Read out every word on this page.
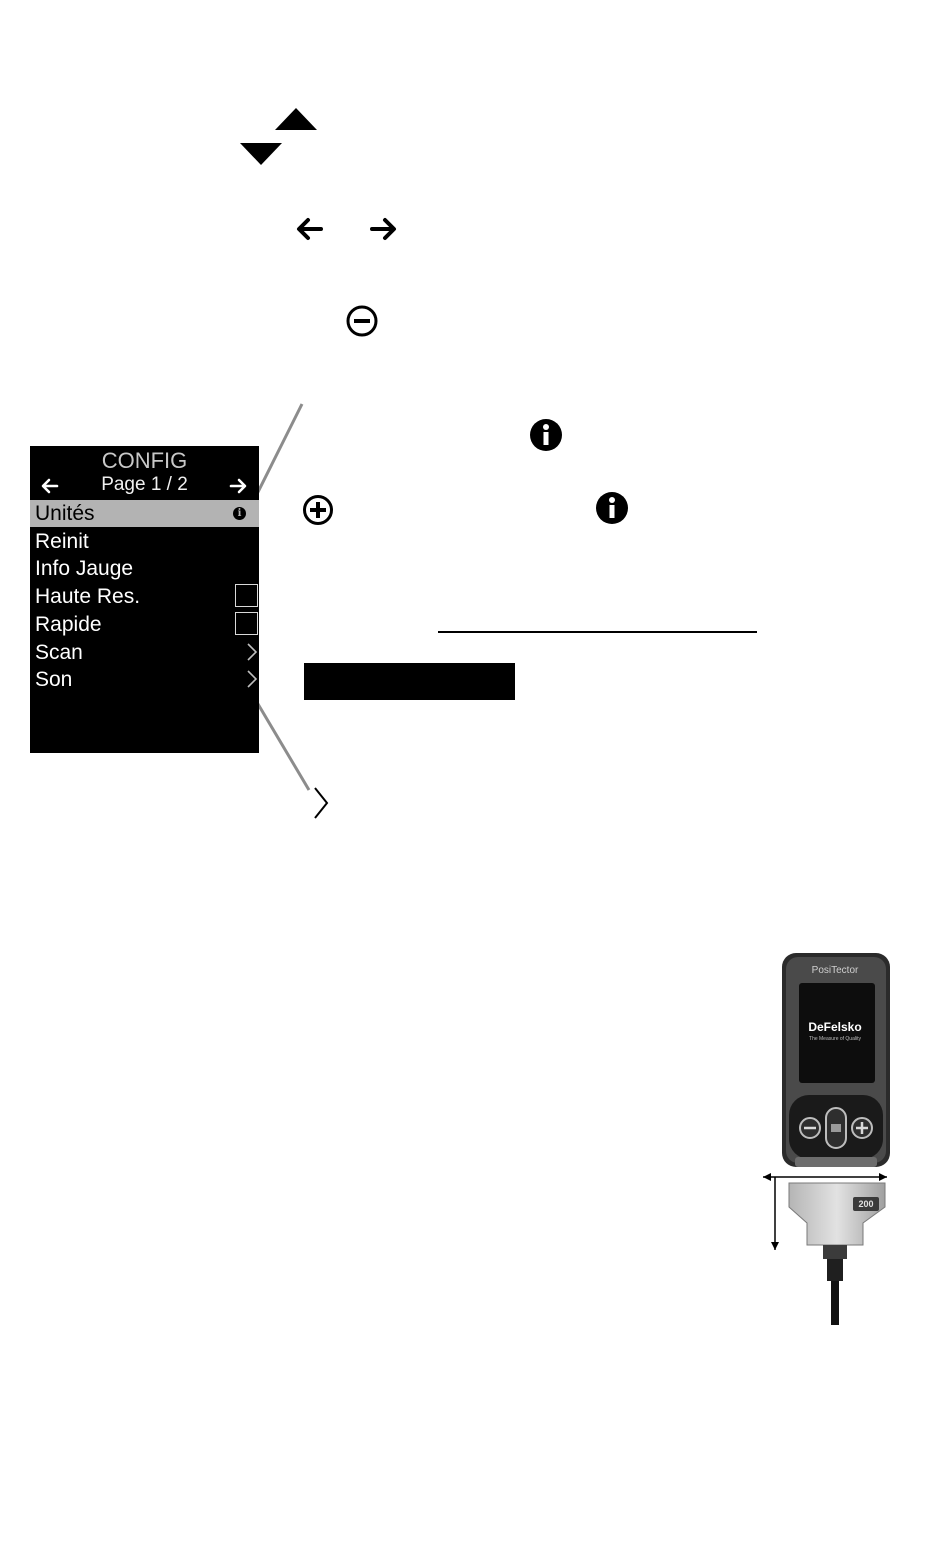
CONFIG
Page 1 / 2
Unités	i
Reinit
Info Jauge
Haute Res.
Rapide
Scan
Son
PosiTector
DeFelsko
The Measure of Quality
200
